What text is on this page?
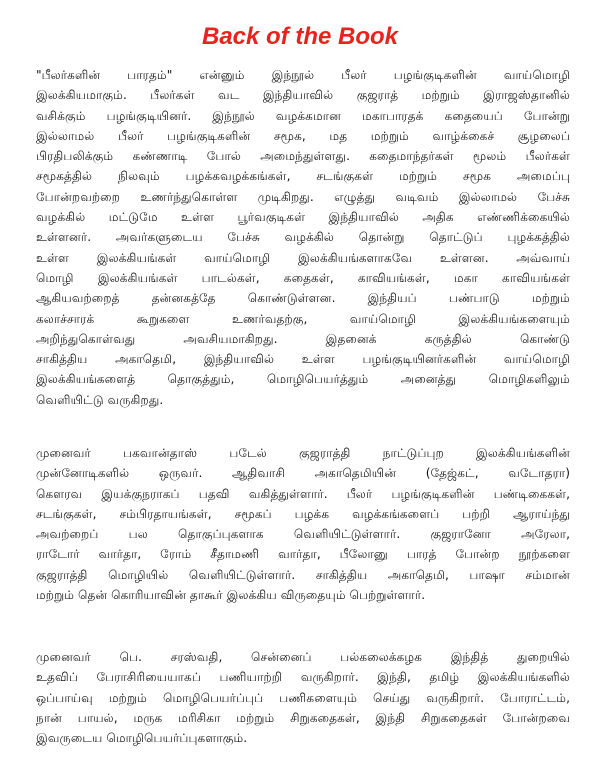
Back of the Book
"பீலர்களின் பாரதம்" என்னும் இந்நூல் பீலர் பழங்குடிகளின் வாய்மொழி
இலக்கியமாகும். பீலர்கள் வட இந்தியாவில் குஜராத் மற்றும் இராஜஸ்தானில்
வசிக்கும் பழங்குடியினர். இந்நூல் வழக்கமான மகாபாரதக் கதையைப் போன்று
இல்லாமல் பீலர் பழங்குடிகளின் சமூக, மத மற்றும் வாழ்க்கைச் சூழலைப்
பிரதிபலிக்கும் கண்ணாடி போல் அமைந்துள்ளது. கதைமாந்தர்கள் மூலம் பீலர்கள்
சமூகத்தில் நிலவும் பழக்கவழக்கங்கள், சடங்குகள் மற்றும் சமூக அமைப்பு
போன்றவற்றை உணர்ந்துகொள்ள முடிகிறது. எழுத்து வடிவம் இல்லாமல் பேச்சு
வழக்கில் மட்டுமே உள்ள பூர்வகுடிகள் இந்தியாவில் அதிக எண்ணிக்கையில்
உள்ளனர். அவர்களுடைய பேச்சு வழக்கில் தொன்று தொட்டுப் புழக்கத்தில்
உள்ள இலக்கியங்கள் வாய்மொழி இலக்கியங்களாகவே உள்ளன. அவ்வாய்
மொழி இலக்கியங்கள் பாடல்கள், கதைகள், காவியங்கள், மகா காவியங்கள்
ஆகியவற்றைத் தன்னகத்தே கொண்டுள்ளன. இந்தியப் பண்பாடு மற்றும்
கலாச்சாரக் கூறுகளை உணர்வதற்கு, வாய்மொழி இலக்கியங்களையும்
அறிந்துகொள்வது அவசியமாகிறது. இதனைக் கருத்தில் கொண்டு
சாகித்திய அகாதெமி, இந்தியாவில் உள்ள பழங்குடியினர்களின் வாய்மொழி
இலக்கியங்களைத் தொகுத்தும், மொழிபெயர்த்தும் அனைத்து மொழிகளிலும்
வெளியிட்டு வருகிறது.
முனைவர் பகவான்தாஸ் படேல் குஜராத்தி நாட்டுப்புற இலக்கியங்களின்
முன்னோடிகளில் ஒருவர். ஆதிவாசி அகாதெமியின் (தேஜ்கட், வடோதரா)
கௌரவ இயக்குநராகப் பதவி வகித்துள்ளார். பீலர் பழங்குடிகளின் பண்டிகைகள்,
சடங்குகள், சம்பிரதாயங்கள், சமூகப் பழக்க வழக்கங்களைப் பற்றி ஆராய்ந்து
அவற்றைப் பல தொகுப்புகளாக வெளியிட்டுள்ளார். குஜரானோ அரேலா,
ராடோர் வார்தா, ரோம் சீதாமணி வார்தா, பீலோனு பாரத் போன்ற நூற்களை
குஜராத்தி மொழியில் வெளியிட்டுள்ளார். சாகித்திய அகாதெமி, பாஷா சம்மான்
மற்றும் தென் கொரியாவின் தாகூர் இலக்கிய விருதையும் பெற்றுள்ளார்.
முனைவர் பெ. சரஸ்வதி, சென்னைப் பல்கலைக்கழக இந்தித் துறையில்
உதவிப் பேராசிரியையாகப் பணியாற்றி வருகிறார். இந்தி, தமிழ் இலக்கியங்களில்
ஒப்பாய்வு மற்றும் மொழிபெயர்ப்புப் பணிகளையும் செய்து வருகிறார். போராட்டம்,
நான் பாயல், மருக மரிசிகா மற்றும் சிறுகதைகள், இந்தி சிறுகதைகள் போன்றவை
இவருடைய மொழிபெயர்ப்புகளாகும்.
